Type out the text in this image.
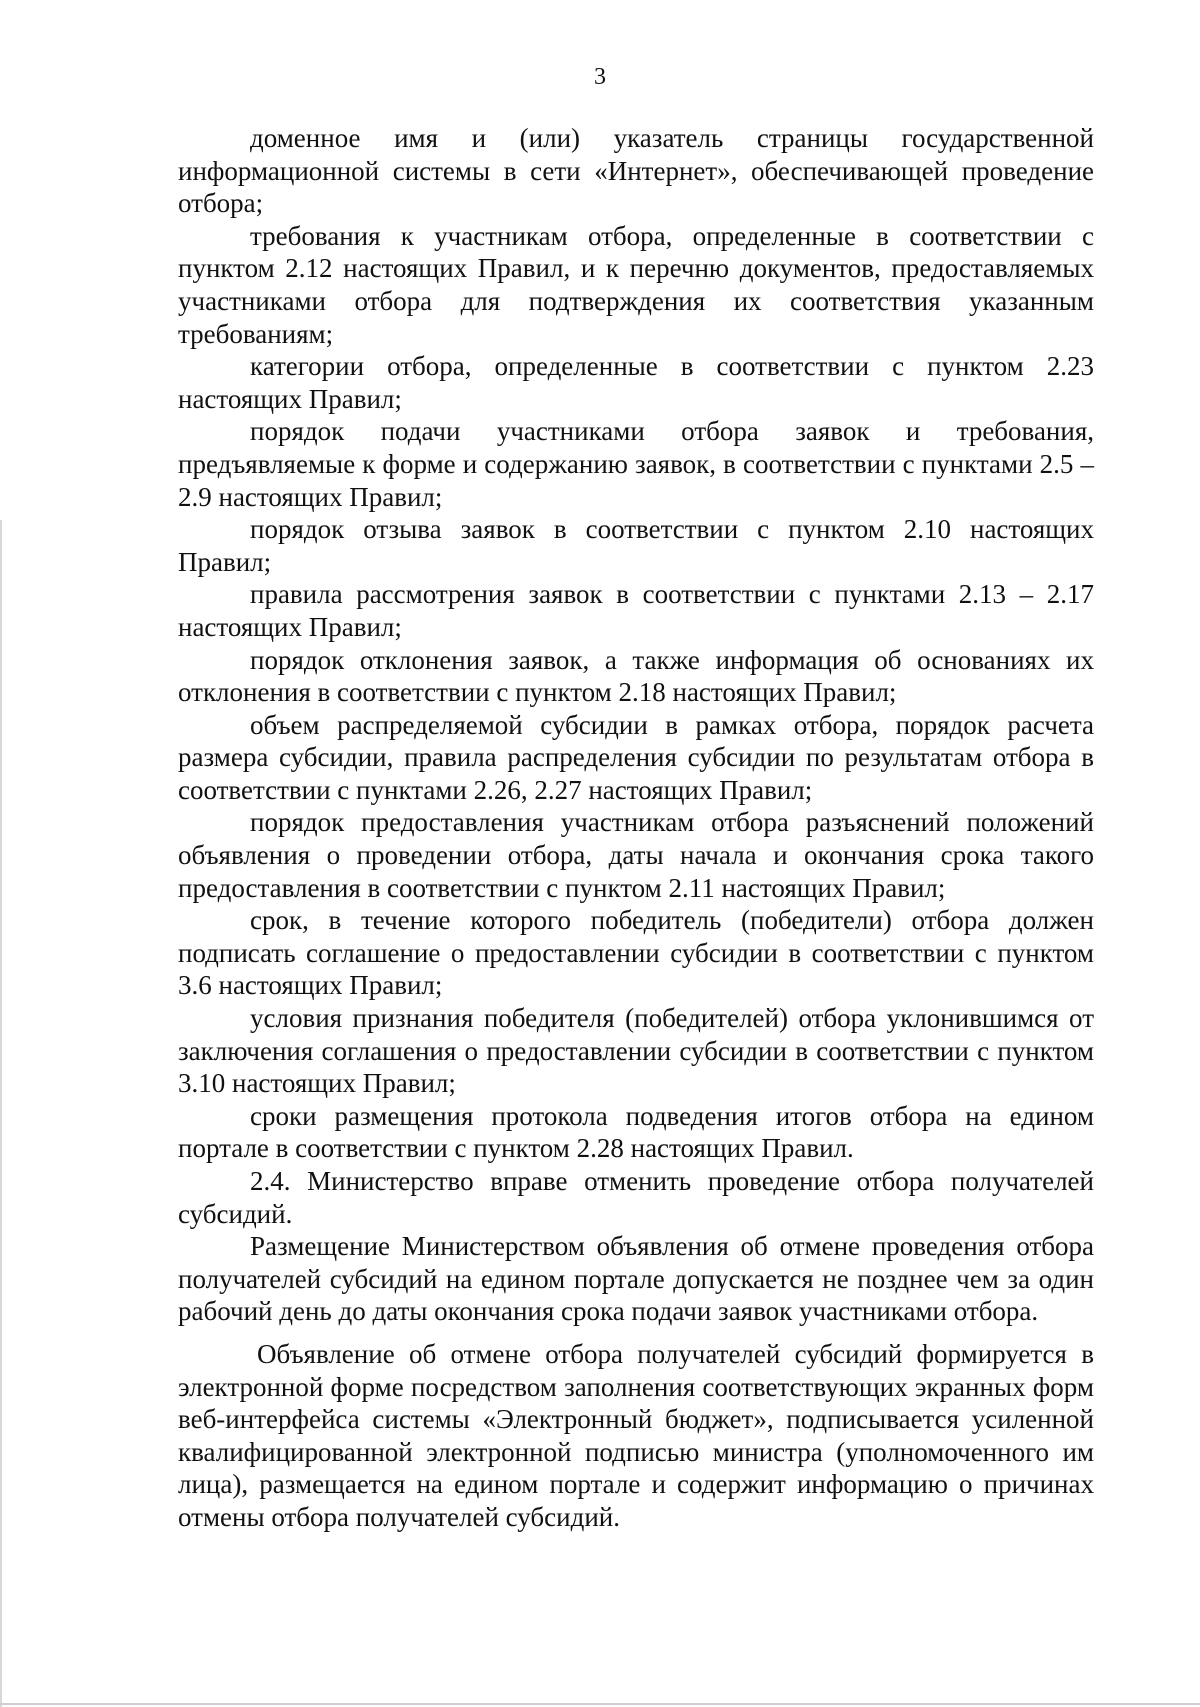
3

доменное имя и (или) указатель страницы государственной информационной системы в сети «Интернет», обеспечивающей проведение отбора;

требования к участникам отбора, определенные в соответствии с пунктом 2.12 настоящих Правил, и к перечню документов, предоставляемых участниками отбора для подтверждения их соответствия указанным требованиям;

категории отбора, определенные в соответствии с пунктом 2.23 настоящих Правил;

порядок подачи участниками отбора заявок и требования, предъявляемые к форме и содержанию заявок, в соответствии с пунктами 2.5 – 2.9 настоящих Правил;

порядок отзыва заявок в соответствии с пунктом 2.10 настоящих Правил;

правила рассмотрения заявок в соответствии с пунктами 2.13 – 2.17 настоящих Правил;

порядок отклонения заявок, а также информация об основаниях их отклонения в соответствии с пунктом 2.18 настоящих Правил;

объем распределяемой субсидии в рамках отбора, порядок расчета размера субсидии, правила распределения субсидии по результатам отбора в соответствии с пунктами 2.26, 2.27 настоящих Правил;

порядок предоставления участникам отбора разъяснений положений объявления о проведении отбора, даты начала и окончания срока такого предоставления в соответствии с пунктом 2.11 настоящих Правил;

срок, в течение которого победитель (победители) отбора должен подписать соглашение о предоставлении субсидии в соответствии с пунктом 3.6 настоящих Правил;

условия признания победителя (победителей) отбора уклонившимся от заключения соглашения о предоставлении субсидии в соответствии с пунктом 3.10 настоящих Правил;

сроки размещения протокола подведения итогов отбора на едином портале в соответствии с пунктом 2.28 настоящих Правил.

2.4. Министерство вправе отменить проведение отбора получателей субсидий.

Размещение Министерством объявления об отмене проведения отбора получателей субсидий на едином портале допускается не позднее чем за один рабочий день до даты окончания срока подачи заявок участниками отбора.

Объявление об отмене отбора получателей субсидий формируется в электронной форме посредством заполнения соответствующих экранных форм веб-интерфейса системы «Электронный бюджет», подписывается усиленной квалифицированной электронной подписью министра (уполномоченного им лица), размещается на едином портале и содержит информацию о причинах отмены отбора получателей субсидий.
